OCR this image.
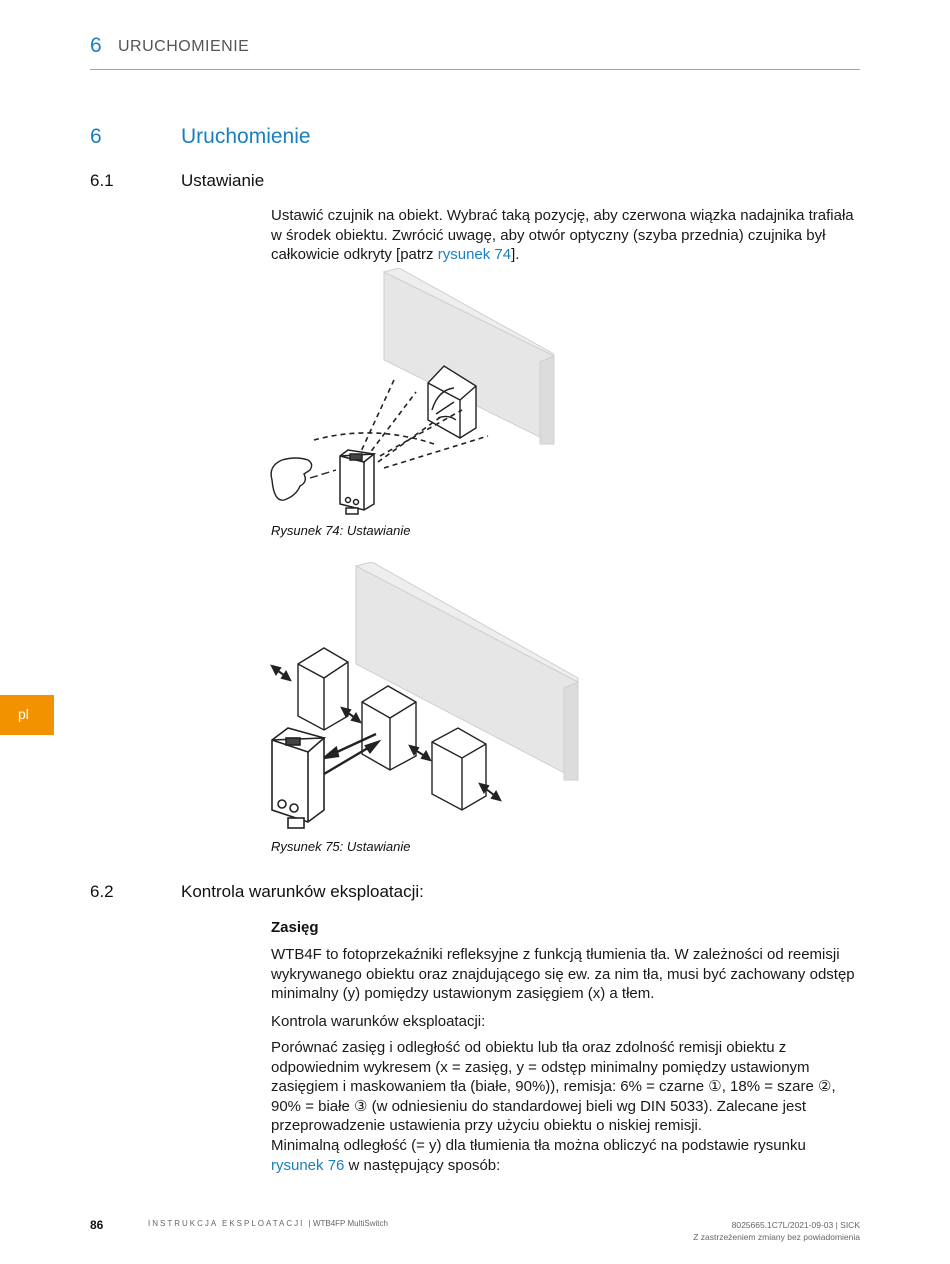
6 URUCHOMIENIE
6	Uruchomienie
6.1	Ustawianie
Ustawić czujnik na obiekt. Wybrać taką pozycję, aby czerwona wiązka nadajnika trafiała w środek obiektu. Zwrócić uwagę, aby otwór optyczny (szyba przednia) czujnika był całkowicie odkryty [patrz rysunek 74].
Rysunek 74: Ustawianie
Rysunek 75: Ustawianie
6.2	Kontrola warunków eksploatacji:
Zasięg
WTB4F to fotoprzekaźniki refleksyjne z funkcją tłumienia tła. W zależności od reemisji wykrywanego obiektu oraz znajdującego się ew. za nim tła, musi być zachowany odstęp minimalny (y) pomiędzy ustawionym zasięgiem (x) a tłem.
Kontrola warunków eksploatacji:
Porównać zasięg i odległość od obiektu lub tła oraz zdolność remisji obiektu z odpowiednim wykresem (x = zasięg, y = odstęp minimalny pomiędzy ustawionym zasięgiem i maskowaniem tła (białe, 90%)), remisja: 6% = czarne ①, 18% = szare ②, 90% = białe ③ (w odniesieniu do standardowej bieli wg DIN 5033). Zalecane jest przeprowadzenie ustawienia przy użyciu obiektu o niskiej remisji.
Minimalną odległość (= y) dla tłumienia tła można obliczyć na podstawie rysunku rysunek 76 w następujący sposób:
pl
86	INSTRUKCJA EKSPLOATACJI | WTB4FP MultiSwitch	8025665.1C7L/2021-09-03 | SICK
Z zastrzeżeniem zmiany bez powiadomienia
